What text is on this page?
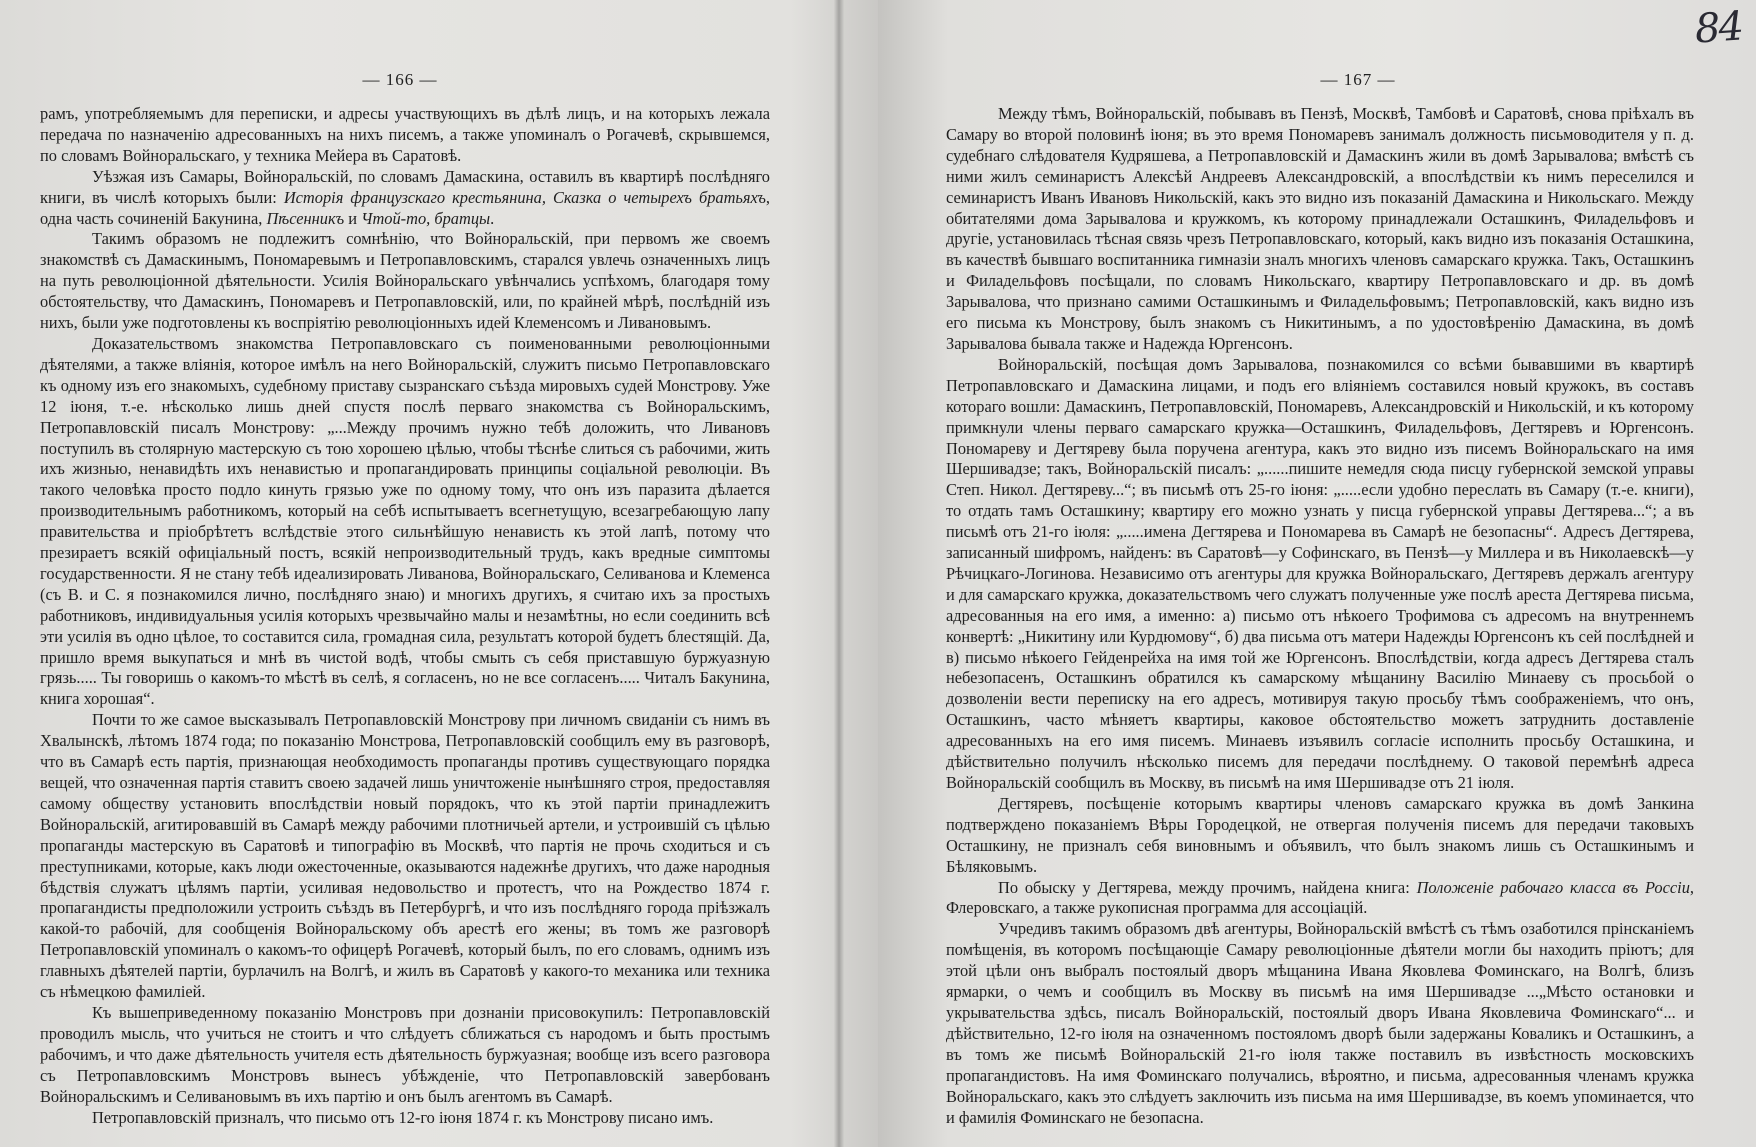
— 166 —

рамъ, употребляемымъ для переписки, и адресы участвующихъ въ дѣлѣ лицъ, и на которыхъ лежала передача по назначенію адресованныхъ на нихъ писемъ, а также упоминалъ о Рогачевѣ, скрывшемся, по словамъ Войноральскаго, у техника Мейера въ Саратовѣ.

Уѣзжая изъ Самары, Войноральскій, по словамъ Дамаскина, оставилъ въ квартирѣ послѣдняго книги, въ числѣ которыхъ были: Исторія французскаго крестьянина, Сказка о четырехъ братьяхъ, одна часть сочиненій Бакунина, Пѣсенникъ и Чтой-то, братцы.

Такимъ образомъ не подлежитъ сомнѣнію, что Войноральскій, при первомъ же своемъ знакомствѣ съ Дамаскинымъ, Пономаревымъ и Петропавловскимъ, старался увлечь означенныхъ лицъ на путь революціонной дѣятельности. Усилія Войноральскаго увѣнчались успѣхомъ, благодаря тому обстоятельству, что Дамаскинъ, Пономаревъ и Петропавловскій, или, по крайней мѣрѣ, послѣдній изъ нихъ, были уже подготовлены къ воспріятію революціонныхъ идей Клеменсомъ и Ливановымъ.

Доказательствомъ знакомства Петропавловскаго съ поименованными революціонными дѣятелями, а также вліянія, которое имѣлъ на него Войноральскій, служитъ письмо Петропавловскаго къ одному изъ его знакомыхъ, судебному приставу сызранскаго съѣзда мировыхъ судей Монстрову. Уже 12 іюня, т.-е. нѣсколько лишь дней спустя послѣ перваго знакомства съ Войноральскимъ, Петропавловскій писалъ Монстрову: „...Между прочимъ нужно тебѣ доложить, что Ливановъ поступилъ въ столярную мастерскую съ тою хорошею цѣлью, чтобы тѣснѣе слиться съ рабочими, жить ихъ жизнью, ненавидѣть ихъ ненавистью и пропагандировать принципы соціальной революціи. Въ такого человѣка просто подло кинуть грязью уже по одному тому, что онъ изъ паразита дѣлается производительнымъ работникомъ, который на себѣ испытываетъ всегнетущую, всезагребающую лапу правительства и пріобрѣтетъ вслѣдствіе этого сильнѣйшую ненависть къ этой лапѣ, потому что презираетъ всякій офиціальный постъ, всякій непроизводительный трудъ, какъ вредные симптомы государственности. Я не стану тебѣ идеализировать Ливанова, Войноральскаго, Селиванова и Клеменса (съ В. и С. я познакомился лично, послѣдняго знаю) и многихъ другихъ, я считаю ихъ за простыхъ работниковъ, индивидуальныя усилія которыхъ чрезвычайно малы и незамѣтны, но если соединить всѣ эти усилія въ одно цѣлое, то составится сила, громадная сила, результатъ которой будетъ блестящій. Да, пришло время выкупаться и мнѣ въ чистой водѣ, чтобы смыть съ себя приставшую буржуазную грязь..... Ты говоришь о какомъ-то мѣстѣ въ селѣ, я согласенъ, но не все согласенъ..... Читалъ Бакунина, книга хорошая“.

Почти то же самое высказывалъ Петропавловскій Монстрову при личномъ свиданіи съ нимъ въ Хвалынскѣ, лѣтомъ 1874 года; по показанію Монстрова, Петропавловскій сообщилъ ему въ разговорѣ, что въ Самарѣ есть партія, признающая необходимость пропаганды противъ существующаго порядка вещей, что означенная партія ставитъ своею задачей лишь уничтоженіе нынѣшняго строя, предоставляя самому обществу установить впослѣдствіи новый порядокъ, что къ этой партіи принадлежитъ Войноральскій, агитировавшій въ Самарѣ между рабочими плотничьей артели, и устроившій съ цѣлью пропаганды мастерскую въ Саратовѣ и типографію въ Москвѣ, что партія не прочь сходиться и съ преступниками, которые, какъ люди ожесточенные, оказываются надежнѣе другихъ, что даже народныя бѣдствія служатъ цѣлямъ партіи, усиливая недовольство и протестъ, что на Рождество 1874 г. пропагандисты предположили устроить съѣздъ въ Петербургѣ, и что изъ послѣдняго города пріѣзжалъ какой-то рабочій, для сообщенія Войноральскому объ арестѣ его жены; въ томъ же разговорѣ Петропавловскій упоминалъ о какомъ-то офицерѣ Рогачевѣ, который былъ, по его словамъ, однимъ изъ главныхъ дѣятелей партіи, бурлачилъ на Волгѣ, и жилъ въ Саратовѣ у какого-то механика или техника съ нѣмецкою фамиліей.

Къ вышеприведенному показанію Монстровъ при дознаніи присовокупилъ: Петропавловскій проводилъ мысль, что учиться не стоитъ и что слѣдуетъ сближаться съ народомъ и быть простымъ рабочимъ, и что даже дѣятельность учителя есть дѣятельность буржуазная; вообще изъ всего разговора съ Петропавловскимъ Монстровъ вынесъ убѣжденіе, что Петропавловскій завербованъ Войноральскимъ и Селивановымъ въ ихъ партію и онъ былъ агентомъ въ Самарѣ.

Петропавловскій призналъ, что письмо отъ 12-го іюня 1874 г. къ Монстрову писано имъ.

84
— 167 —

Между тѣмъ, Войноральскій, побывавъ въ Пензѣ, Москвѣ, Тамбовѣ и Саратовѣ, снова пріѣхалъ въ Самару во второй половинѣ іюня; въ это время Пономаревъ занималъ должность письмоводителя у п. д. судебнаго слѣдователя Кудряшева, а Петропавловскій и Дамаскинъ жили въ домѣ Зарывалова; вмѣстѣ съ ними жилъ семинаристъ Алексѣй Андреевъ Александровскій, а впослѣдствіи къ нимъ переселился и семинаристъ Иванъ Ивановъ Никольскій, какъ это видно изъ показаній Дамаскина и Никольскаго. Между обитателями дома Зарывалова и кружкомъ, къ которому принадлежали Осташкинъ, Филадельфовъ и другіе, установилась тѣсная связь чрезъ Петропавловскаго, который, какъ видно изъ показанія Осташкина, въ качествѣ бывшаго воспитанника гимназіи зналъ многихъ членовъ самарскаго кружка. Такъ, Осташкинъ и Филадельфовъ посѣщали, по словамъ Никольскаго, квартиру Петропавловскаго и др. въ домѣ Зарывалова, что признано самими Осташкинымъ и Филадельфовымъ; Петропавловскій, какъ видно изъ его письма къ Монстрову, былъ знакомъ съ Никитинымъ, а по удостовѣренію Дамаскина, въ домѣ Зарывалова бывала также и Надежда Юргенсонъ.

Войноральскій, посѣщая домъ Зарывалова, познакомился со всѣми бывавшими въ квартирѣ Петропавловскаго и Дамаскина лицами, и подъ его вліяніемъ составился новый кружокъ, въ составъ котораго вошли: Дамаскинъ, Петропавловскій, Пономаревъ, Александровскій и Никольскій, и къ которому примкнули члены перваго самарскаго кружка—Осташкинъ, Филадельфовъ, Дегтяревъ и Юргенсонъ. Пономареву и Дегтяреву была поручена агентура, какъ это видно изъ писемъ Войноральскаго на имя Шершивадзе; такъ, Войноральскій писалъ: „......пишите немедля сюда писцу губернской земской управы Степ. Никол. Дегтяреву...“; въ письмѣ отъ 25-го іюня: „.....если удобно переслать въ Самару (т.-е. книги), то отдать тамъ Осташкину; квартиру его можно узнать у писца губернской управы Дегтярева...“; а въ письмѣ отъ 21-го іюля: „.....имена Дегтярева и Пономарева въ Самарѣ не безопасны“. Адресъ Дегтярева, записанный шифромъ, найденъ: въ Саратовѣ—у Софинскаго, въ Пензѣ—у Миллера и въ Николаевскѣ—у Рѣчицкаго-Логинова. Независимо отъ агентуры для кружка Войноральскаго, Дегтяревъ держалъ агентуру и для самарскаго кружка, доказательствомъ чего служатъ полученные уже послѣ ареста Дегтярева письма, адресованныя на его имя, а именно: а) письмо отъ нѣкоего Трофимова съ адресомъ на внутреннемъ конвертѣ: „Никитину или Курдюмову“, б) два письма отъ матери Надежды Юргенсонъ къ сей послѣдней и в) письмо нѣкоего Гейденрейха на имя той же Юргенсонъ. Впослѣдствіи, когда адресъ Дегтярева сталъ небезопасенъ, Осташкинъ обратился къ самарскому мѣщанину Василію Минаеву съ просьбой о дозволеніи вести переписку на его адресъ, мотивируя такую просьбу тѣмъ соображеніемъ, что онъ, Осташкинъ, часто мѣняетъ квартиры, каковое обстоятельство можетъ затруднить доставленіе адресованныхъ на его имя писемъ. Минаевъ изъявилъ согласіе исполнить просьбу Осташкина, и дѣйствительно получилъ нѣсколько писемъ для передачи послѣднему. О таковой перемѣнѣ адреса Войноральскій сообщилъ въ Москву, въ письмѣ на имя Шершивадзе отъ 21 іюля.

Дегтяревъ, посѣщеніе которымъ квартиры членовъ самарскаго кружка въ домѣ Занкина подтверждено показаніемъ Вѣры Городецкой, не отвергая полученія писемъ для передачи таковыхъ Осташкину, не призналъ себя виновнымъ и объявилъ, что былъ знакомъ лишь съ Осташкинымъ и Бѣляковымъ.

По обыску у Дегтярева, между прочимъ, найдена книга: Положеніе рабочаго класса въ Россіи, Флеровскаго, а также рукописная программа для ассоціацій.

Учредивъ такимъ образомъ двѣ агентуры, Войноральскій вмѣстѣ съ тѣмъ озаботился прінсканіемъ помѣщенія, въ которомъ посѣщающіе Самару революціонные дѣятели могли бы находить пріютъ; для этой цѣли онъ выбралъ постоялый дворъ мѣщанина Ивана Яковлева Фоминскаго, на Волгѣ, близъ ярмарки, о чемъ и сообщилъ въ Москву въ письмѣ на имя Шершивадзе ...„Мѣсто остановки и укрывательства здѣсь, писалъ Войноральскій, постоялый дворъ Ивана Яковлевича Фоминскаго“... и дѣйствительно, 12-го іюля на означенномъ постояломъ дворѣ были задержаны Коваликъ и Осташкинъ, а въ томъ же письмѣ Войноральскій 21-го іюля также поставилъ въ извѣстность московскихъ пропагандистовъ. На имя Фоминскаго получались, вѣроятно, и письма, адресованныя членамъ кружка Войноральскаго, какъ это слѣдуетъ заключить изъ письма на имя Шершивадзе, въ коемъ упоминается, что и фамилія Фоминскаго не безопасна.
